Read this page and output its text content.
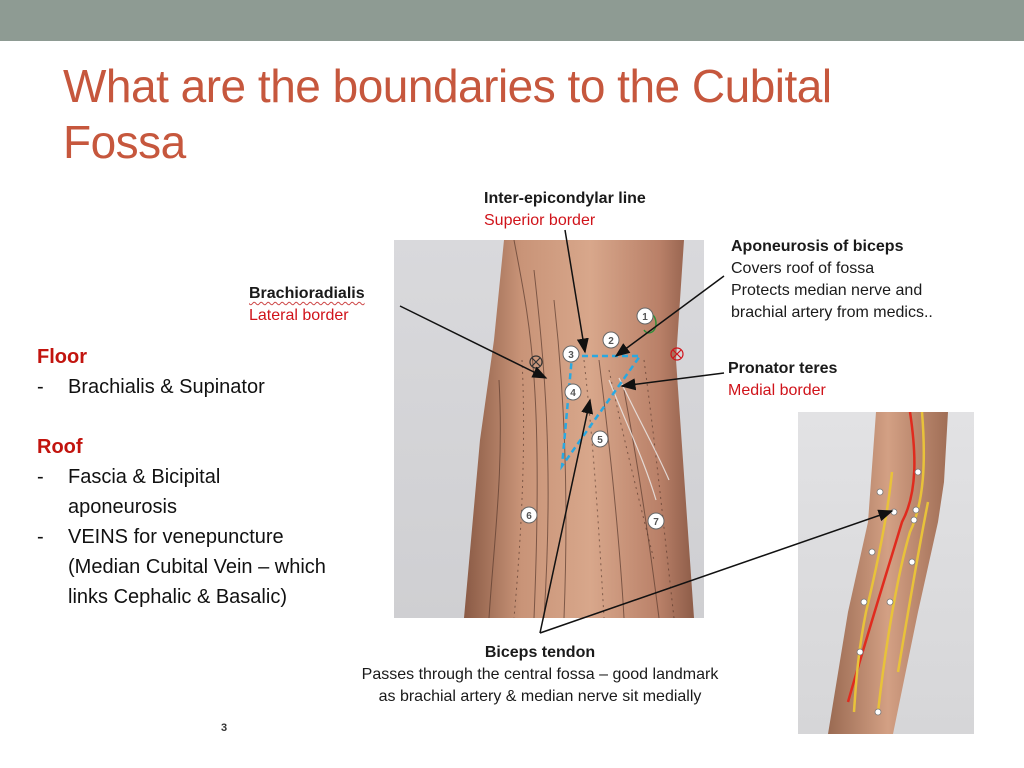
What are the boundaries to the Cubital
Fossa
Floor
- Brachialis & Supinator
Roof
- Fascia & Bicipital
aponeurosis
- VEINS for venepuncture
(Median Cubital Vein – which
links Cephalic & Basalic)
1
2
3
4
5
6
7
Inter-epicondylar line
Superior border
Brachioradialis
Lateral border
Aponeurosis of biceps
Covers roof of fossa
Protects median nerve and
brachial artery from medics..
Pronator teres
Medial border
Biceps tendon
Passes through the central fossa – good landmark
as brachial artery & median nerve sit medially
3
